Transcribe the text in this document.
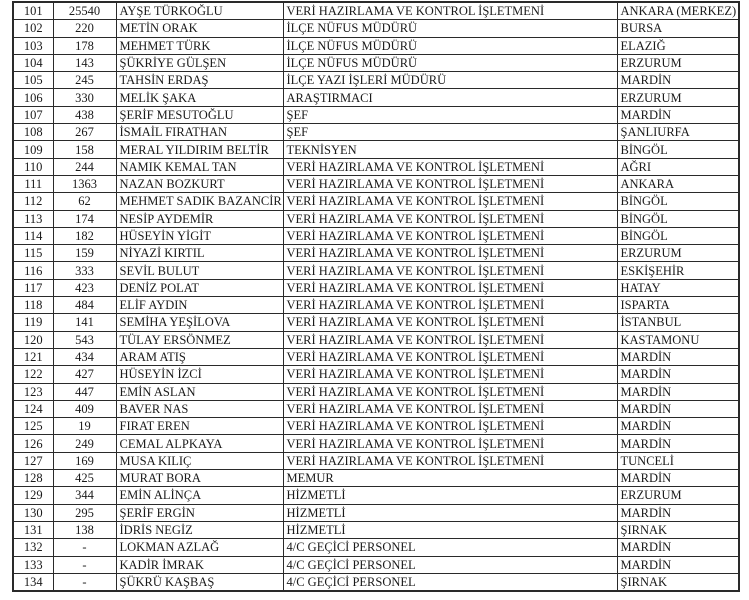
101	25540	AYŞE TÜRKOĞLU	VERİ HAZIRLAMA VE KONTROL İŞLETMENİ	ANKARA (MERKEZ)
102	220	METİN ORAK	İLÇE NÜFUS MÜDÜRÜ	BURSA
103	178	MEHMET TÜRK	İLÇE NÜFUS MÜDÜRÜ	ELAZIĞ
104	143	ŞÜKRİYE GÜLŞEN	İLÇE NÜFUS MÜDÜRÜ	ERZURUM
105	245	TAHSİN ERDAŞ	İLÇE YAZI İŞLERİ MÜDÜRÜ	MARDİN
106	330	MELİK ŞAKA	ARAŞTIRMACI	ERZURUM
107	438	ŞERİF MESUTOĞLU	ŞEF	MARDİN
108	267	İSMAİL FIRATHAN	ŞEF	ŞANLIURFA
109	158	MERAL YILDIRIM BELTİR	TEKNİSYEN	BİNGÖL
110	244	NAMIK KEMAL TAN	VERİ HAZIRLAMA VE KONTROL İŞLETMENİ	AĞRI
111	1363	NAZAN BOZKURT	VERİ HAZIRLAMA VE KONTROL İŞLETMENİ	ANKARA
112	62	MEHMET SADIK BAZANCİR	VERİ HAZIRLAMA VE KONTROL İŞLETMENİ	BİNGÖL
113	174	NESİP AYDEMİR	VERİ HAZIRLAMA VE KONTROL İŞLETMENİ	BİNGÖL
114	182	HÜSEYİN YİGİT	VERİ HAZIRLAMA VE KONTROL İŞLETMENİ	BİNGÖL
115	159	NİYAZİ KIRTIL	VERİ HAZIRLAMA VE KONTROL İŞLETMENİ	ERZURUM
116	333	SEVİL BULUT	VERİ HAZIRLAMA VE KONTROL İŞLETMENİ	ESKİŞEHİR
117	423	DENİZ POLAT	VERİ HAZIRLAMA VE KONTROL İŞLETMENİ	HATAY
118	484	ELİF AYDIN	VERİ HAZIRLAMA VE KONTROL İŞLETMENİ	ISPARTA
119	141	SEMİHA YEŞİLOVA	VERİ HAZIRLAMA VE KONTROL İŞLETMENİ	İSTANBUL
120	543	TÜLAY ERSÖNMEZ	VERİ HAZIRLAMA VE KONTROL İŞLETMENİ	KASTAMONU
121	434	ARAM ATIŞ	VERİ HAZIRLAMA VE KONTROL İŞLETMENİ	MARDİN
122	427	HÜSEYİN İZCİ	VERİ HAZIRLAMA VE KONTROL İŞLETMENİ	MARDİN
123	447	EMİN ASLAN	VERİ HAZIRLAMA VE KONTROL İŞLETMENİ	MARDİN
124	409	BAVER NAS	VERİ HAZIRLAMA VE KONTROL İŞLETMENİ	MARDİN
125	19	FIRAT EREN	VERİ HAZIRLAMA VE KONTROL İŞLETMENİ	MARDİN
126	249	CEMAL ALPKAYA	VERİ HAZIRLAMA VE KONTROL İŞLETMENİ	MARDİN
127	169	MUSA KILIÇ	VERİ HAZIRLAMA VE KONTROL İŞLETMENİ	TUNCELİ
128	425	MURAT BORA	MEMUR	MARDİN
129	344	EMİN ALİNÇA	HİZMETLİ	ERZURUM
130	295	ŞERİF ERGİN	HİZMETLİ	MARDİN
131	138	İDRİS NEGİZ	HİZMETLİ	ŞIRNAK
132	-	LOKMAN AZLAĞ	4/C GEÇİCİ PERSONEL	MARDİN
133	-	KADİR İMRAK	4/C GEÇİCİ PERSONEL	MARDİN
134	-	ŞÜKRÜ KAŞBAŞ	4/C GEÇİCİ PERSONEL	ŞIRNAK
